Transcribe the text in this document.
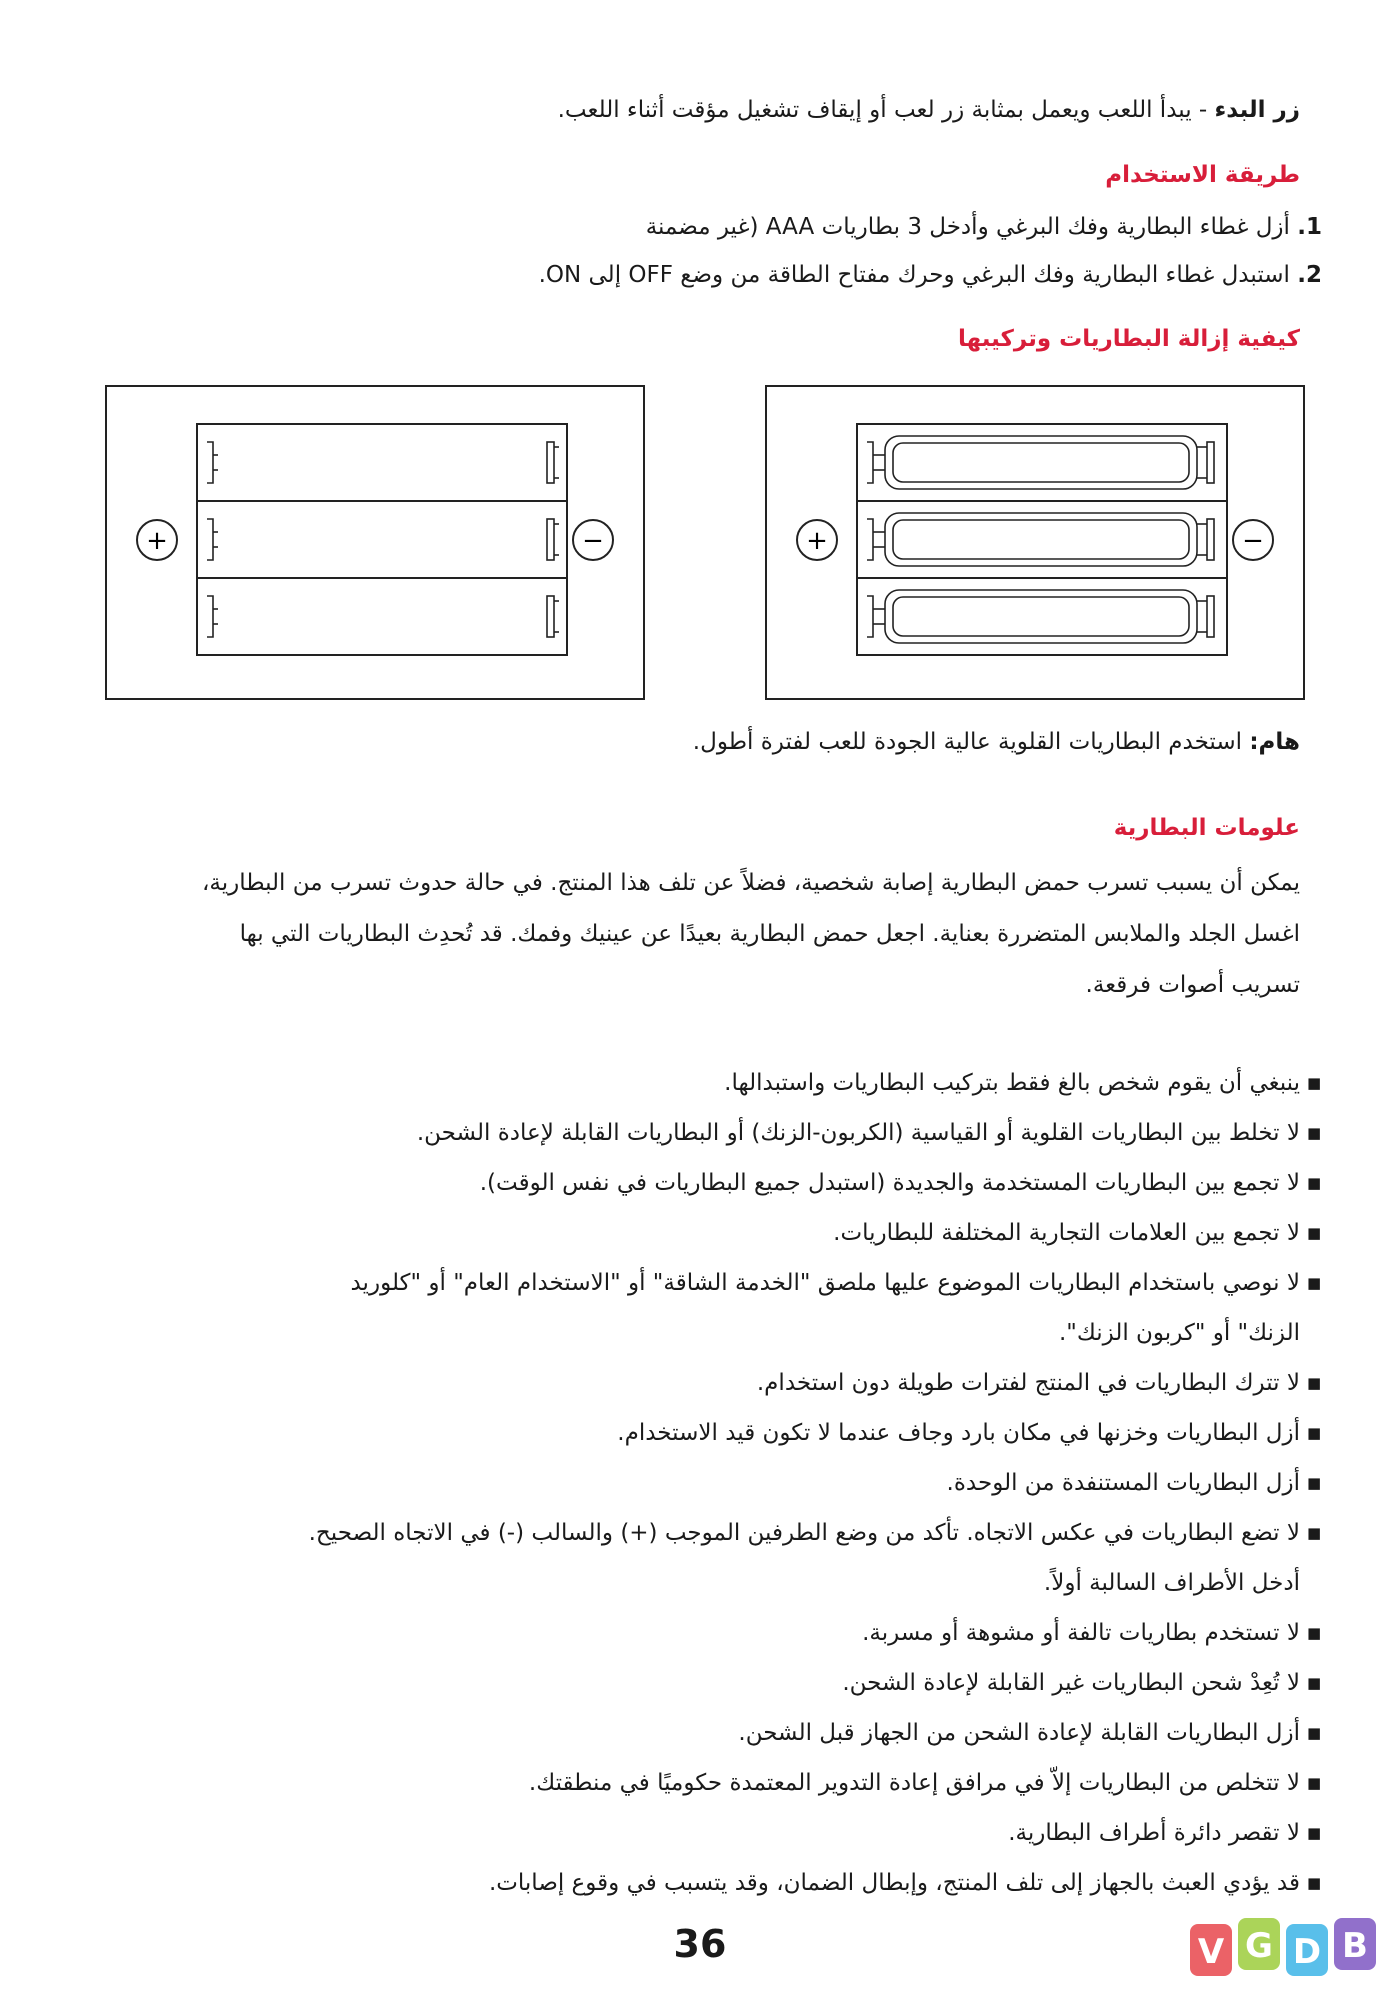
زر البدء - يبدأ اللعب ويعمل بمثابة زر لعب أو إيقاف تشغيل مؤقت أثناء اللعب.
طريقة الاستخدام
1. أزل غطاء البطارية وفك البرغي وأدخل 3 بطاريات AAA (غير مضمنة
2. استبدل غطاء البطارية وفك البرغي وحرك مفتاح الطاقة من وضع OFF إلى ON.
كيفية إزالة البطاريات وتركيبها
+	−	+	−
هام: استخدم البطاريات القلوية عالية الجودة للعب لفترة أطول.
علومات البطارية
يمكن أن يسبب تسرب حمض البطارية إصابة شخصية، فضلاً عن تلف هذا المنتج. في حالة حدوث تسرب من البطارية،
اغسل الجلد والملابس المتضررة بعناية. اجعل حمض البطارية بعيدًا عن عينيك وفمك. قد تُحدِث البطاريات التي بها
تسريب أصوات فرقعة.
▪
ينبغي أن يقوم شخص بالغ فقط بتركيب البطاريات واستبدالها.
▪
لا تخلط بين البطاريات القلوية أو القياسية (الكربون-الزنك) أو البطاريات القابلة لإعادة الشحن.
▪
لا تجمع بين البطاريات المستخدمة والجديدة (استبدل جميع البطاريات في نفس الوقت).
▪
لا تجمع بين العلامات التجارية المختلفة للبطاريات.
▪
لا نوصي باستخدام البطاريات الموضوع عليها ملصق "الخدمة الشاقة" أو "الاستخدام العام" أو "كلوريد
الزنك" أو "كربون الزنك".
▪
لا تترك البطاريات في المنتج لفترات طويلة دون استخدام.
▪
أزل البطاريات وخزنها في مكان بارد وجاف عندما لا تكون قيد الاستخدام.
▪
أزل البطاريات المستنفدة من الوحدة.
▪
لا تضع البطاريات في عكس الاتجاه. تأكد من وضع الطرفين الموجب (+) والسالب (-) في الاتجاه الصحيح.
أدخل الأطراف السالبة أولاً.
▪
لا تستخدم بطاريات تالفة أو مشوهة أو مسربة.
▪
لا تُعِدْ شحن البطاريات غير القابلة لإعادة الشحن.
▪
أزل البطاريات القابلة لإعادة الشحن من الجهاز قبل الشحن.
▪
لا تتخلص من البطاريات إلاّ في مرافق إعادة التدوير المعتمدة حكوميًا في منطقتك.
▪
لا تقصر دائرة أطراف البطارية.
▪
قد يؤدي العبث بالجهاز إلى تلف المنتج، وإبطال الضمان، وقد يتسبب في وقوع إصابات.
36	V G D B
